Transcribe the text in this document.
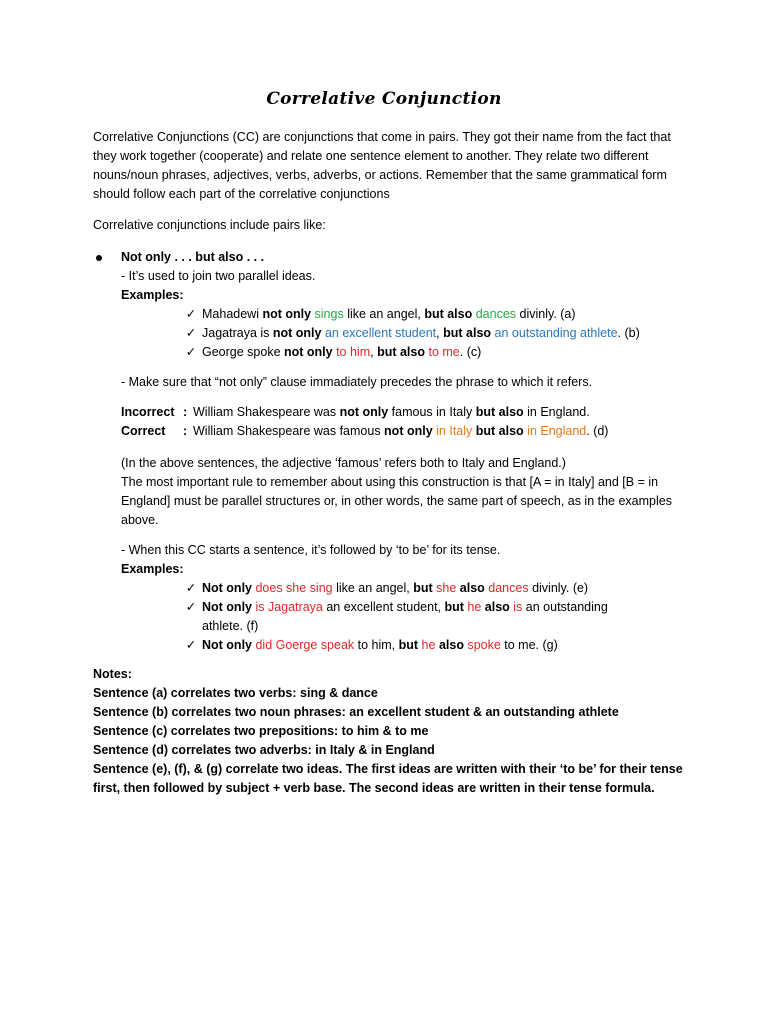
Correlative Conjunction
Correlative Conjunctions (CC) are conjunctions that come in pairs. They got their name from the fact that they work together (cooperate) and relate one sentence element to another. They relate two different nouns/noun phrases, adjectives, verbs, adverbs, or actions. Remember that the same grammatical form should follow each part of the correlative conjunctions
Correlative conjunctions include pairs like:
Not only . . . but also . . .
- It’s used to join two parallel ideas.
Examples:
✓ Mahadewi not only sings like an angel, but also dances divinly. (a)
✓ Jagatraya is not only an excellent student, but also an outstanding athlete. (b)
✓ George spoke not only to him, but also to me. (c)
- Make sure that “not only” clause immadiately precedes the phrase to which it refers.
Incorrect : William Shakespeare was not only famous in Italy but also in England.
Correct : William Shakespeare was famous not only in Italy but also in England. (d)
(In the above sentences, the adjective ‘famous’ refers both to Italy and England.)
The most important rule to remember about using this construction is that [A = in Italy] and [B = in England] must be parallel structures or, in other words, the same part of speech, as in the examples above.
- When this CC starts a sentence, it’s followed by ‘to be’ for its tense.
Examples:
✓ Not only does she sing like an angel, but she also dances divinly. (e)
✓ Not only is Jagatraya an excellent student, but he also is an outstanding athlete. (f)
✓ Not only did Goerge speak to him, but he also spoke to me. (g)
Notes:
Sentence (a) correlates two verbs: sing & dance
Sentence (b) correlates two noun phrases: an excellent student & an outstanding athlete
Sentence (c) correlates two prepositions: to him & to me
Sentence (d) correlates two adverbs: in Italy & in England
Sentence (e), (f), & (g) correlate two ideas. The first ideas are written with their ‘to be’ for their tense first, then followed by subject + verb base. The second ideas are written in their tense formula.
